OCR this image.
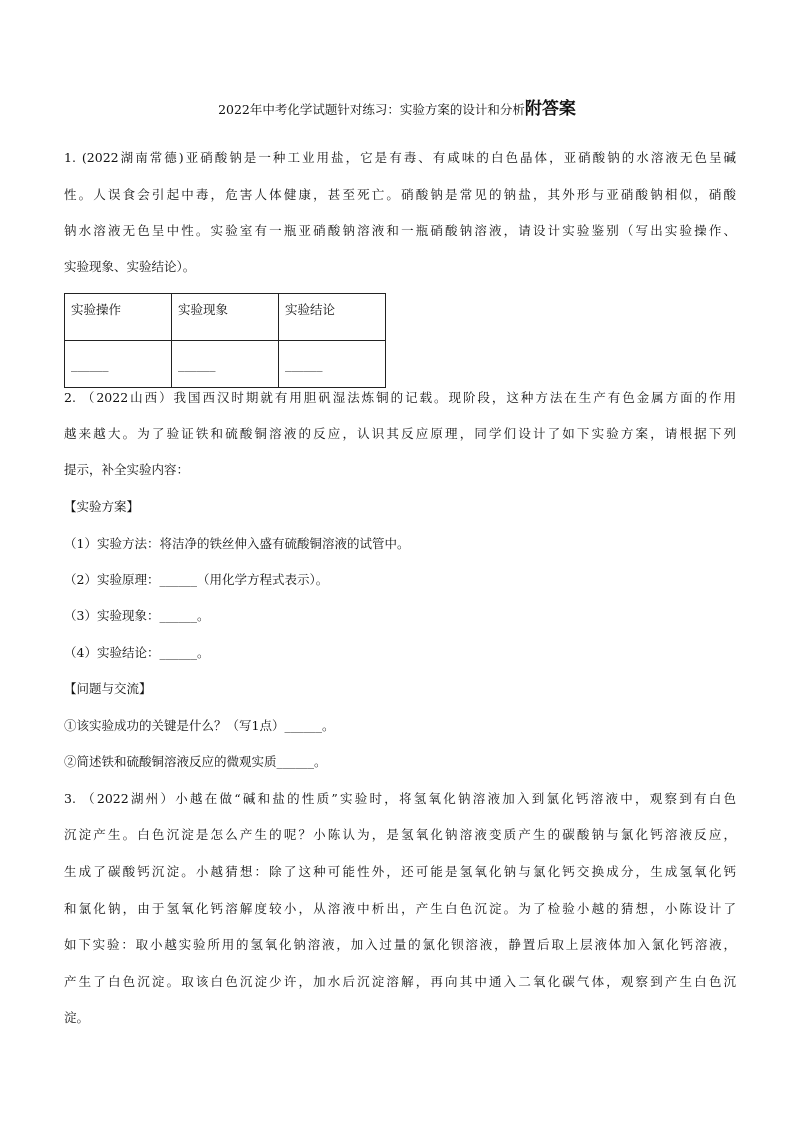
2022年中考化学试题针对练习：实验方案的设计和分析附答案
1. (2022湖南常德)亚硝酸钠是一种工业用盐，它是有毒、有咸味的白色晶体，亚硝酸钠的水溶液无色呈碱
性。人误食会引起中毒，危害人体健康，甚至死亡。硝酸钠是常见的钠盐，其外形与亚硝酸钠相似，硝酸
钠水溶液无色呈中性。实验室有一瓶亚硝酸钠溶液和一瓶硝酸钠溶液，请设计实验鉴别（写出实验操作、
实验现象、实验结论）。
实验操作	实验现象	实验结论
______	______	______
2. （2022山西）我国西汉时期就有用胆矾湿法炼铜的记载。现阶段，这种方法在生产有色金属方面的作用
越来越大。为了验证铁和硫酸铜溶液的反应，认识其反应原理，同学们设计了如下实验方案，请根据下列
提示，补全实验内容：
【实验方案】
（1）实验方法：将洁净的铁丝伸入盛有硫酸铜溶液的试管中。
（2）实验原理：______（用化学方程式表示）。
（3）实验现象：______。
（4）实验结论：______。
【问题与交流】
①该实验成功的关键是什么？（写1点）______。
②简述铁和硫酸铜溶液反应的微观实质______。
3. （2022湖州）小越在做“碱和盐的性质”实验时，将氢氧化钠溶液加入到氯化钙溶液中，观察到有白色
沉淀产生。白色沉淀是怎么产生的呢？小陈认为，是氢氧化钠溶液变质产生的碳酸钠与氯化钙溶液反应，
生成了碳酸钙沉淀。小越猜想：除了这种可能性外，还可能是氢氧化钠与氯化钙交换成分，生成氢氧化钙
和氯化钠，由于氢氧化钙溶解度较小，从溶液中析出，产生白色沉淀。为了检验小越的猜想，小陈设计了
如下实验：取小越实验所用的氢氧化钠溶液，加入过量的氯化钡溶液，静置后取上层液体加入氯化钙溶液，
产生了白色沉淀。取该白色沉淀少许，加水后沉淀溶解，再向其中通入二氧化碳气体，观察到产生白色沉
淀。
